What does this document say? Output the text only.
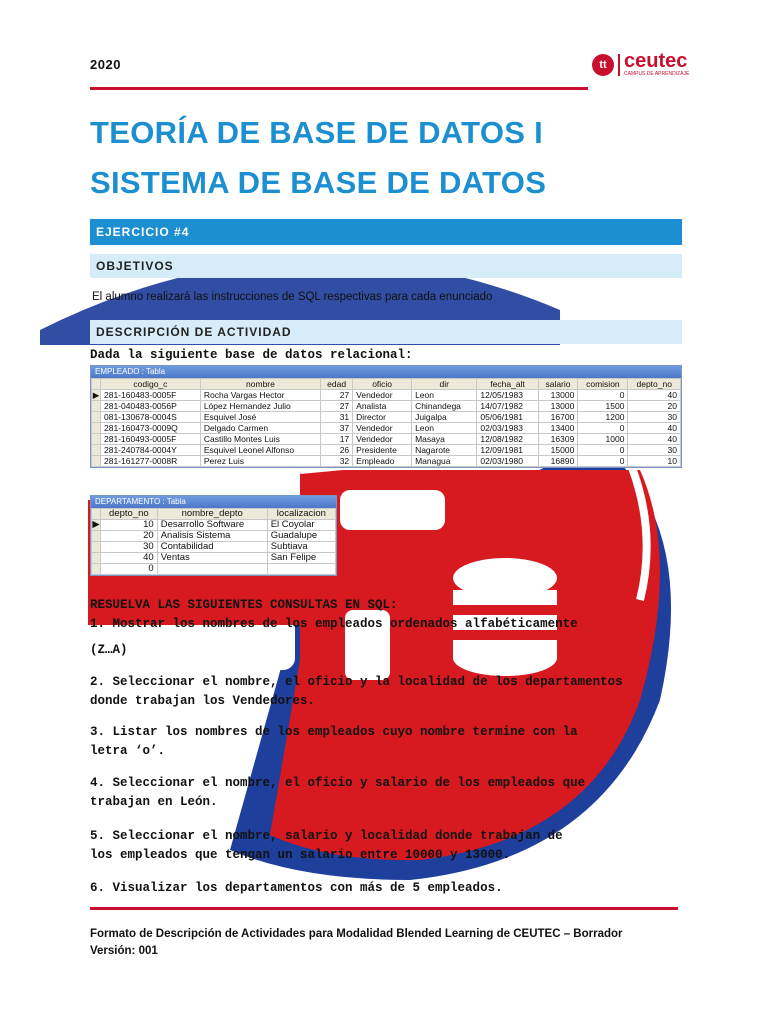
2020	tt ceutec
CAMPUS DE APRENDIZAJE
TEORÍA DE BASE DE DATOS I
SISTEMA DE BASE DE DATOS
EJERCICIO #4
OBJETIVOS
El alumno realizará las instrucciones de SQL respectivas para cada enunciado
DESCRIPCIÓN DE ACTIVIDAD
Dada la siguiente base de datos relacional:
EMPLEADO : Tabla
	codigo_c	nombre	edad	oficio	dir	fecha_alt	salario	comision	depto_no
▶	281-160483-0005F	Rocha Vargas Hector	27	Vendedor	Leon	12/05/1983	13000	0	40
	281-040483-0056P	López Hernandez Julio	27	Analista	Chinandega	14/07/1982	13000	1500	20
	081-130678-0004S	Esquivel José	31	Director	Juigalpa	05/06/1981	16700	1200	30
	281-160473-0009Q	Delgado Carmen	37	Vendedor	Leon	02/03/1983	13400	0	40
	281-160493-0005F	Castillo Montes Luis	17	Vendedor	Masaya	12/08/1982	16309	1000	40
	281-240784-0004Y	Esquivel Leonel Alfonso	26	Presidente	Nagarote	12/09/1981	15000	0	30
	281-161277-0008R	Perez Luis	32	Empleado	Managua	02/03/1980	16890	0	10
DEPARTAMENTO : Tabla
	depto_no	nombre_depto	localizacion
▶	10	Desarrollo Software	El Coyolar
	20	Analisis Sistema	Guadalupe
	30	Contabilidad	Subtiava
	40	Ventas	San Felipe
	0		
RESUELVA LAS SIGUIENTES CONSULTAS EN SQL:
1. Mostrar los nombres de los empleados ordenados alfabéticamente
(Z…A)
2. Seleccionar el nombre, el oficio y la localidad de los departamentos
donde trabajan los Vendedores.
3. Listar los nombres de los empleados cuyo nombre termine con la
letra ‘o’.
4. Seleccionar el nombre, el oficio y salario de los empleados que
trabajan en León.
5. Seleccionar el nombre, salario y localidad donde trabajan de
los empleados que tengan un salario entre 10000 y 13000.
6. Visualizar los departamentos con más de 5 empleados.
Formato de Descripción de Actividades para Modalidad Blended Learning de CEUTEC – Borrador
Versión: 001
